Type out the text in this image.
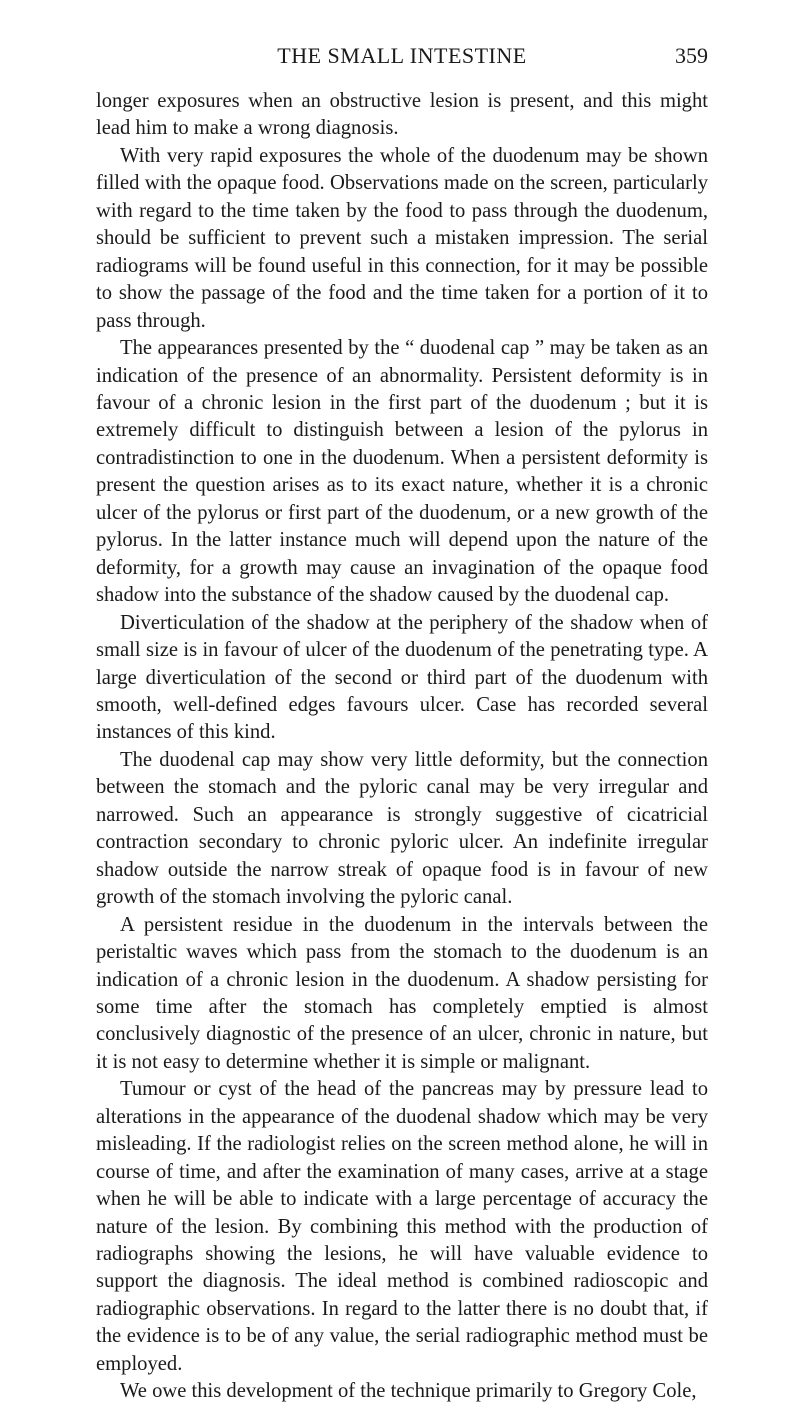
THE SMALL INTESTINE	359

longer exposures when an obstructive lesion is present, and this might lead him to make a wrong diagnosis.

With very rapid exposures the whole of the duodenum may be shown filled with the opaque food. Observations made on the screen, particularly with regard to the time taken by the food to pass through the duodenum, should be sufficient to prevent such a mistaken impression. The serial radiograms will be found useful in this connection, for it may be possible to show the passage of the food and the time taken for a portion of it to pass through.

The appearances presented by the “ duodenal cap ” may be taken as an indication of the presence of an abnormality. Persistent deformity is in favour of a chronic lesion in the first part of the duodenum ; but it is extremely difficult to distinguish between a lesion of the pylorus in contradistinction to one in the duodenum. When a persistent deformity is present the question arises as to its exact nature, whether it is a chronic ulcer of the pylorus or first part of the duodenum, or a new growth of the pylorus. In the latter instance much will depend upon the nature of the deformity, for a growth may cause an invagination of the opaque food shadow into the substance of the shadow caused by the duodenal cap.

Diverticulation of the shadow at the periphery of the shadow when of small size is in favour of ulcer of the duodenum of the penetrating type. A large diverticulation of the second or third part of the duodenum with smooth, well-defined edges favours ulcer. Case has recorded several instances of this kind.

The duodenal cap may show very little deformity, but the connection between the stomach and the pyloric canal may be very irregular and narrowed. Such an appearance is strongly suggestive of cicatricial contraction secondary to chronic pyloric ulcer. An indefinite irregular shadow outside the narrow streak of opaque food is in favour of new growth of the stomach involving the pyloric canal.

A persistent residue in the duodenum in the intervals between the peristaltic waves which pass from the stomach to the duodenum is an indication of a chronic lesion in the duodenum. A shadow persisting for some time after the stomach has completely emptied is almost conclusively diagnostic of the presence of an ulcer, chronic in nature, but it is not easy to determine whether it is simple or malignant.

Tumour or cyst of the head of the pancreas may by pressure lead to alterations in the appearance of the duodenal shadow which may be very misleading. If the radiologist relies on the screen method alone, he will in course of time, and after the examination of many cases, arrive at a stage when he will be able to indicate with a large percentage of accuracy the nature of the lesion. By combining this method with the production of radiographs showing the lesions, he will have valuable evidence to support the diagnosis. The ideal method is combined radioscopic and radiographic observations. In regard to the latter there is no doubt that, if the evidence is to be of any value, the serial radiographic method must be employed.

We owe this development of the technique primarily to Gregory Cole,
